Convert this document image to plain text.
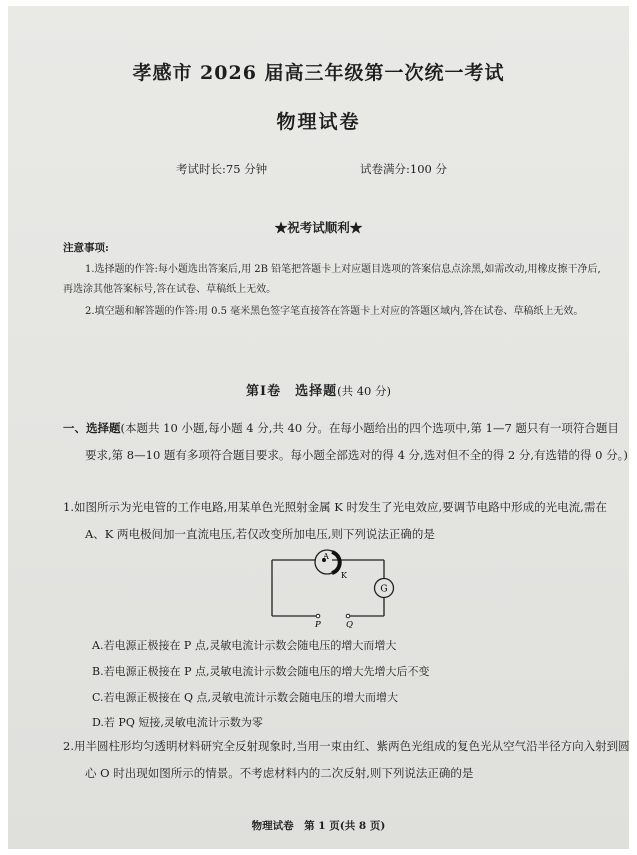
孝感市 2026 届高三年级第一次统一考试
物理试卷
考试时长:75 分钟	试卷满分:100 分
★祝考试顺利★
注意事项:
1.选择题的作答:每小题选出答案后,用 2B 铅笔把答题卡上对应题目选项的答案信息点涂黑,如需改动,用橡皮擦干净后,再选涂其他答案标号,答在试卷、草稿纸上无效。
2.填空题和解答题的作答:用 0.5 毫米黑色签字笔直接答在答题卡上对应的答题区域内,答在试卷、草稿纸上无效。
第Ⅰ卷　选择题(共 40 分)
一、选择题(本题共 10 小题,每小题 4 分,共 40 分。在每小题给出的四个选项中,第 1—7 题只有一项符合题目要求,第 8—10 题有多项符合题目要求。每小题全部选对的得 4 分,选对但不全的得 2 分,有选错的得 0 分。)
1.如图所示为光电管的工作电路,用某单色光照射金属 K 时发生了光电效应,要调节电路中形成的光电流,需在 A、K 两电极间加一直流电压,若仅改变所加电压,则下列说法正确的是
A
K
G
P	Q
A.若电源正极接在 P 点,灵敏电流计示数会随电压的增大而增大
B.若电源正极接在 P 点,灵敏电流计示数会随电压的增大先增大后不变
C.若电源正极接在 Q 点,灵敏电流计示数会随电压的增大而增大
D.若 PQ 短接,灵敏电流计示数为零
2.用半圆柱形均匀透明材料研究全反射现象时,当用一束由红、紫两色光组成的复色光从空气沿半径方向入射到圆心 O 时出现如图所示的情景。不考虑材料内的二次反射,则下列说法正确的是
物理试卷　第 1 页(共 8 页)
